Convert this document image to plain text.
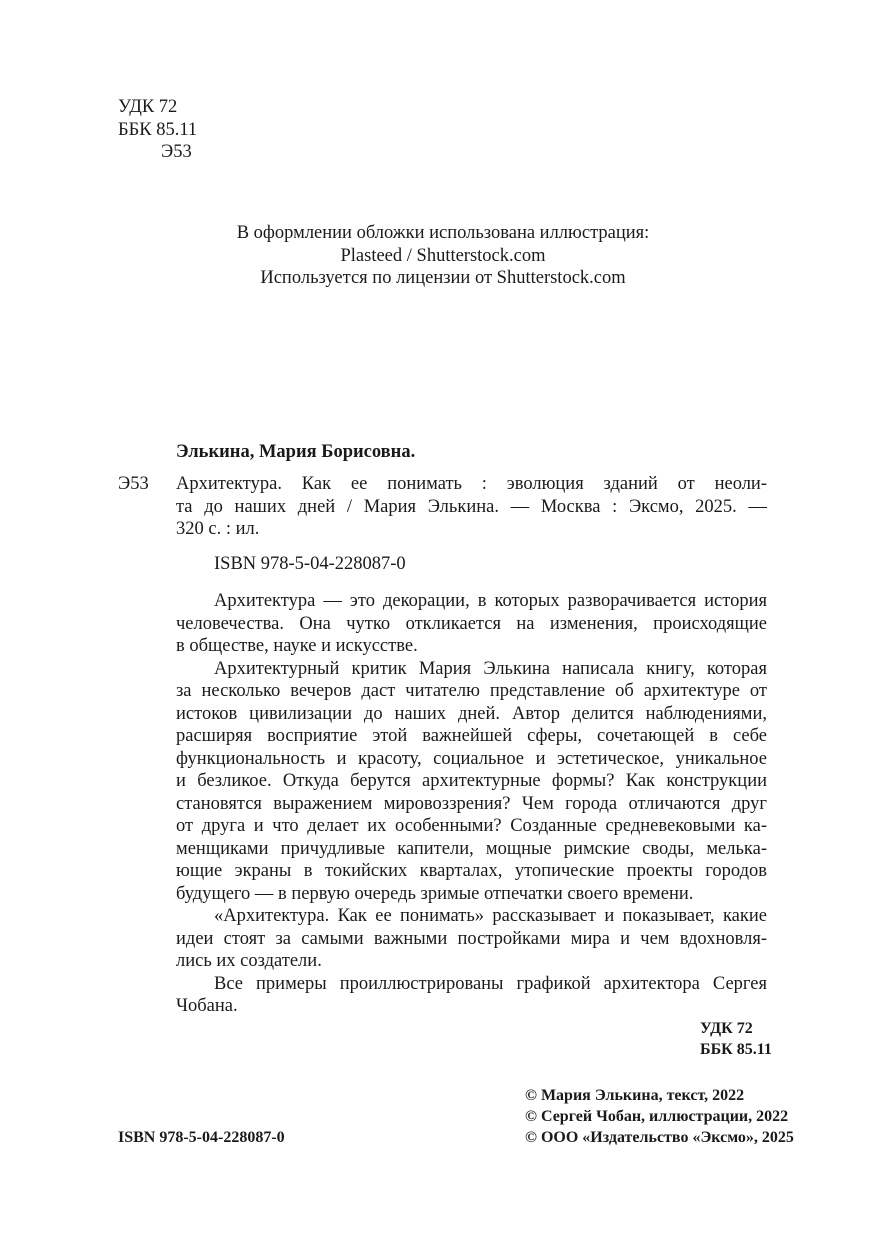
УДК 72
ББК 85.11
Э53
В оформлении обложки использована иллюстрация:
Plasteed / Shutterstock.com
Используется по лицензии от Shutterstock.com
Элькина, Мария Борисовна.
Э53 Архитектура. Как ее понимать : эволюция зданий от неоли-
та до наших дней / Мария Элькина. — Москва : Эксмо, 2025. —
320 с. : ил.
ISBN 978-5-04-228087-0
Архитектура — это декорации, в которых разворачивается история
человечества. Она чутко откликается на изменения, происходящие
в обществе, науке и искусстве.
Архитектурный критик Мария Элькина написала книгу, которая
за несколько вечеров даст читателю представление об архитектуре от
истоков цивилизации до наших дней. Автор делится наблюдениями,
расширяя восприятие этой важнейшей сферы, сочетающей в себе
функциональность и красоту, социальное и эстетическое, уникальное
и безликое. Откуда берутся архитектурные формы? Как конструкции
становятся выражением мировоззрения? Чем города отличаются друг
от друга и что делает их особенными? Созданные средневековыми ка-
менщиками причудливые капители, мощные римские своды, мелька-
ющие экраны в токийских кварталах, утопические проекты городов
будущего — в первую очередь зримые отпечатки своего времени.
«Архитектура. Как ее понимать» рассказывает и показывает, какие
идеи стоят за самыми важными постройками мира и чем вдохновля-
лись их создатели.
Все примеры проиллюстрированы графикой архитектора Сергея
Чобана.
УДК 72
ББК 85.11
ISBN 978-5-04-228087-0
© Мария Элькина, текст, 2022
© Сергей Чобан, иллюстрации, 2022
© ООО «Издательство «Эксмо», 2025
